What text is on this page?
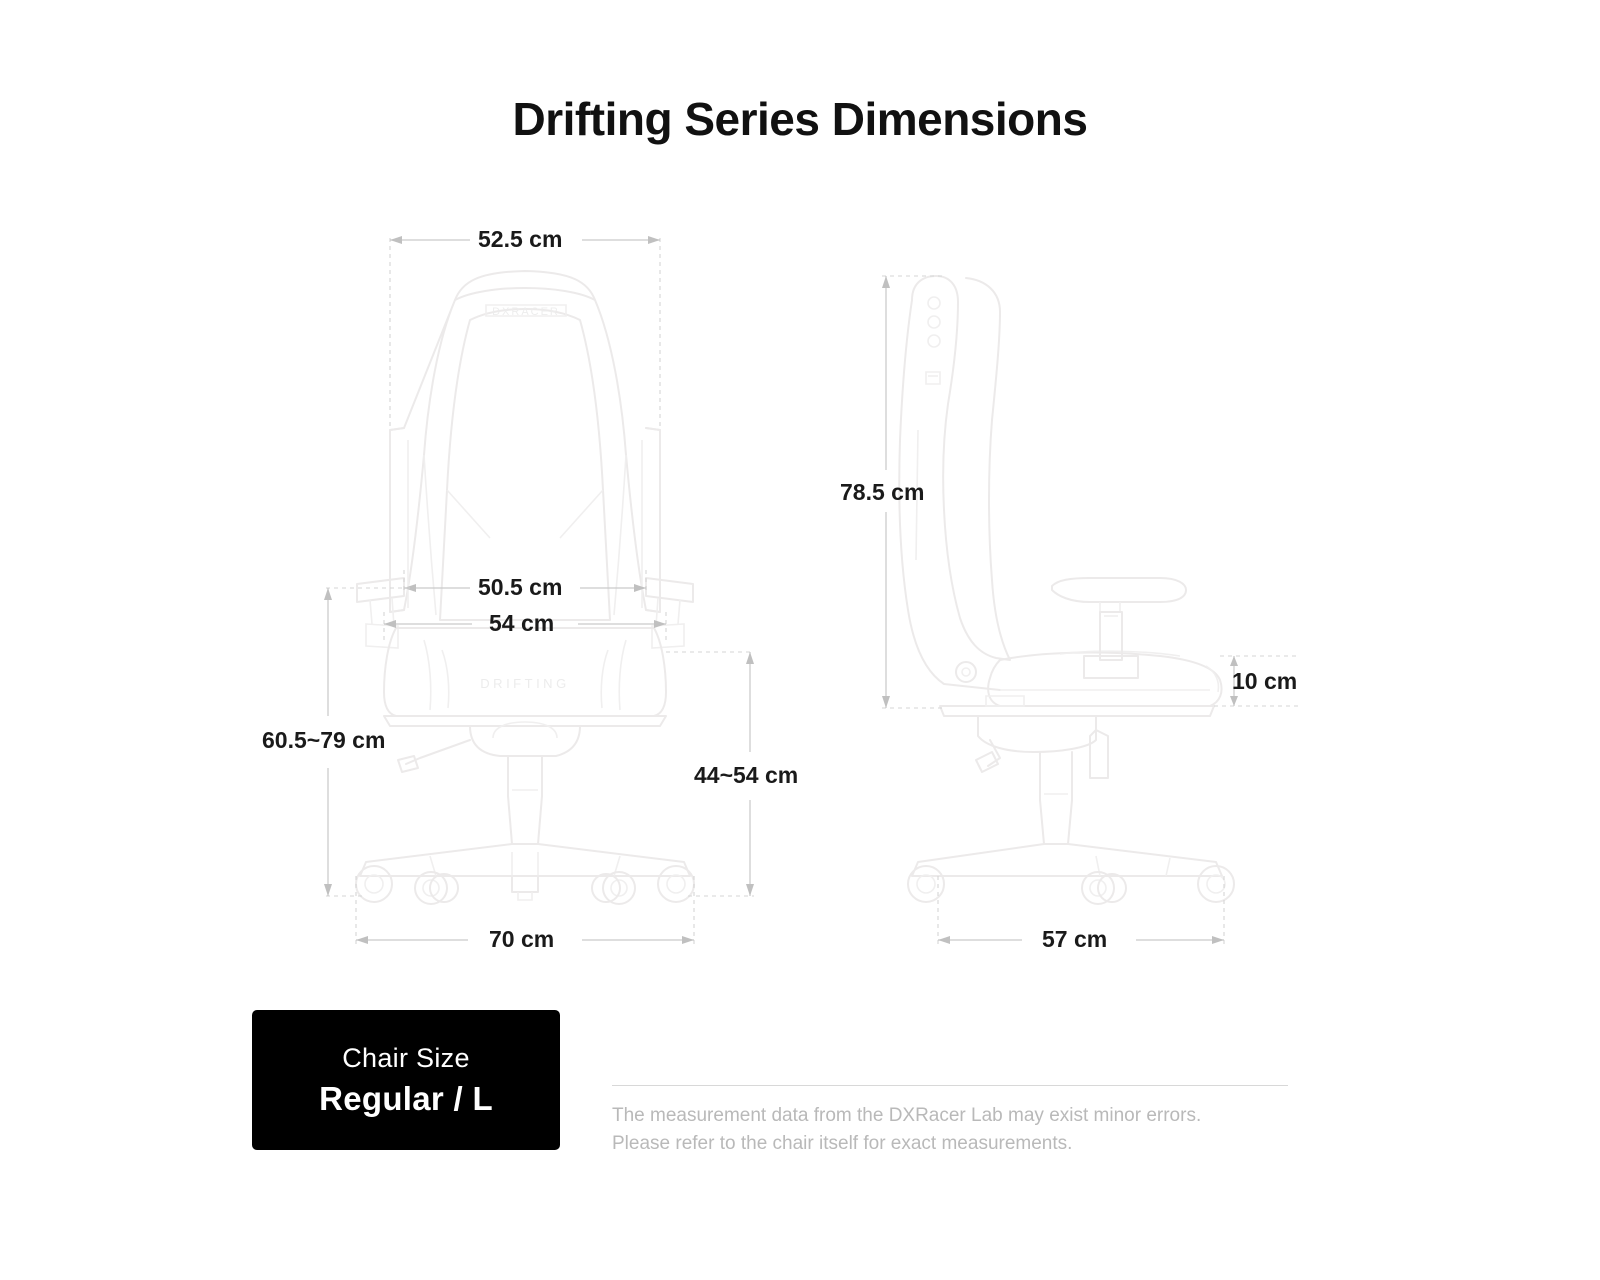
Drifting Series Dimensions
DXRACER
DRIFTING
52.5 cm
50.5 cm
54 cm
60.5~79 cm
44~54 cm
70 cm
78.5 cm
10 cm
57 cm
Chair Size
Regular / L	The measurement data from the DXRacer Lab may exist minor errors.
Please refer to the chair itself for exact measurements.
